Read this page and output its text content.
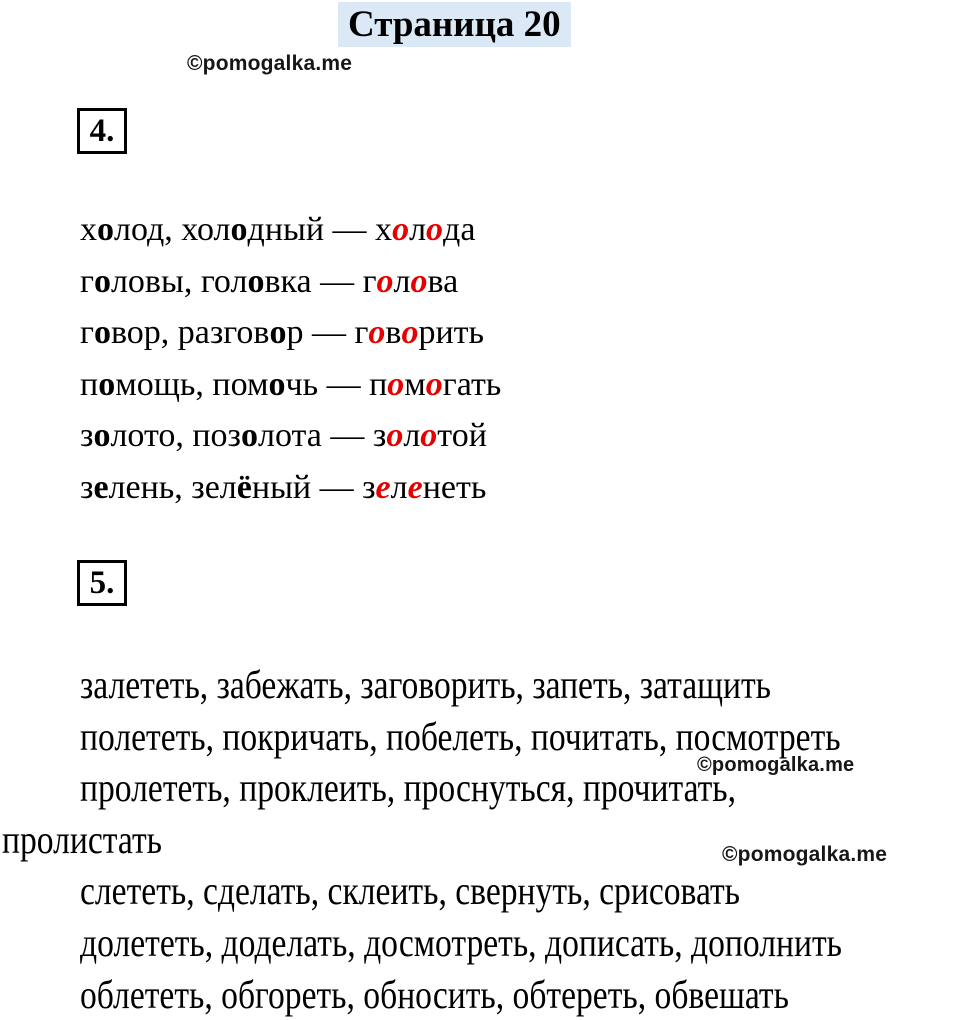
Страница 20
©pomogalka.me
4.
холод, холодный — холода
головы, головка — голова
говор, разговор — говорить
помощь, помочь — помогать
золото, позолота — золотой
зелень, зелёный — зеленеть
5.
залететь, забежать, заговорить, запеть, затащить
полететь, покричать, побелеть, почитать, посмотреть
пролететь, проклеить, проснуться, прочитать,
пролистать
слететь, сделать, склеить, свернуть, срисовать
долететь, доделать, досмотреть, дописать, дополнить
облететь, обгореть, обносить, обтереть, обвешать
©pomogalka.me
©pomogalka.me
